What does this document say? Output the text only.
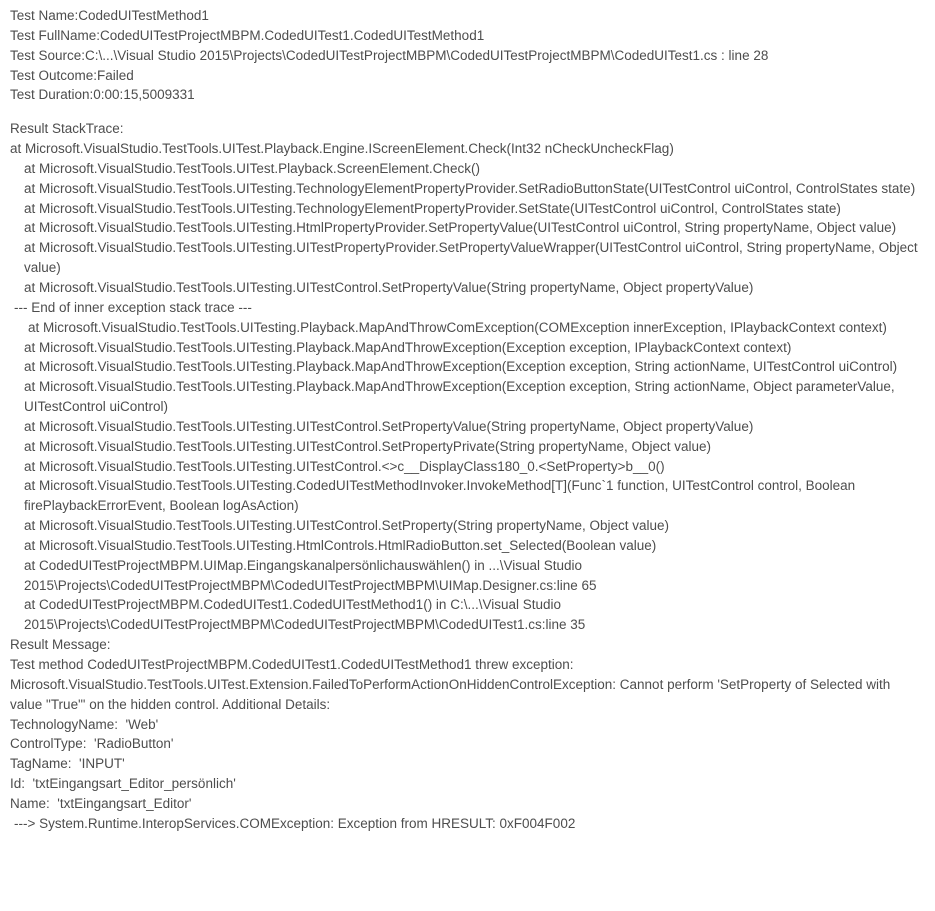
Test Name:CodedUITestMethod1
Test FullName:CodedUITestProjectMBPM.CodedUITest1.CodedUITestMethod1
Test Source:C:\...\Visual Studio 2015\Projects\CodedUITestProjectMBPM\CodedUITestProjectMBPM\CodedUITest1.cs : line 28
Test Outcome:Failed
Test Duration:0:00:15,5009331
Result StackTrace:
at Microsoft.VisualStudio.TestTools.UITest.Playback.Engine.IScreenElement.Check(Int32 nCheckUncheckFlag)
at Microsoft.VisualStudio.TestTools.UITest.Playback.ScreenElement.Check()
at Microsoft.VisualStudio.TestTools.UITesting.TechnologyElementPropertyProvider.SetRadioButtonState(UITestControl uiControl, ControlStates state)
at Microsoft.VisualStudio.TestTools.UITesting.TechnologyElementPropertyProvider.SetState(UITestControl uiControl, ControlStates state)
at Microsoft.VisualStudio.TestTools.UITesting.HtmlPropertyProvider.SetPropertyValue(UITestControl uiControl, String propertyName, Object value)
at Microsoft.VisualStudio.TestTools.UITesting.UITestPropertyProvider.SetPropertyValueWrapper(UITestControl uiControl, String propertyName, Object value)
at Microsoft.VisualStudio.TestTools.UITesting.UITestControl.SetPropertyValue(String propertyName, Object propertyValue)
--- End of inner exception stack trace ---
at Microsoft.VisualStudio.TestTools.UITesting.Playback.MapAndThrowComException(COMException innerException, IPlaybackContext context)
at Microsoft.VisualStudio.TestTools.UITesting.Playback.MapAndThrowException(Exception exception, IPlaybackContext context)
at Microsoft.VisualStudio.TestTools.UITesting.Playback.MapAndThrowException(Exception exception, String actionName, UITestControl uiControl)
at Microsoft.VisualStudio.TestTools.UITesting.Playback.MapAndThrowException(Exception exception, String actionName, Object parameterValue, UITestControl uiControl)
at Microsoft.VisualStudio.TestTools.UITesting.UITestControl.SetPropertyValue(String propertyName, Object propertyValue)
at Microsoft.VisualStudio.TestTools.UITesting.UITestControl.SetPropertyPrivate(String propertyName, Object value)
at Microsoft.VisualStudio.TestTools.UITesting.UITestControl.<>c__DisplayClass180_0.<SetProperty>b__0()
at Microsoft.VisualStudio.TestTools.UITesting.CodedUITestMethodInvoker.InvokeMethod[T](Func`1 function, UITestControl control, Boolean firePlaybackErrorEvent, Boolean logAsAction)
at Microsoft.VisualStudio.TestTools.UITesting.UITestControl.SetProperty(String propertyName, Object value)
at Microsoft.VisualStudio.TestTools.UITesting.HtmlControls.HtmlRadioButton.set_Selected(Boolean value)
at CodedUITestProjectMBPM.UIMap.Eingangskanalpersönlichauswählen() in ...\Visual Studio 2015\Projects\CodedUITestProjectMBPM\CodedUITestProjectMBPM\UIMap.Designer.cs:line 65
at CodedUITestProjectMBPM.CodedUITest1.CodedUITestMethod1() in C:\...\Visual Studio 2015\Projects\CodedUITestProjectMBPM\CodedUITestProjectMBPM\CodedUITest1.cs:line 35
Result Message:
Test method CodedUITestProjectMBPM.CodedUITest1.CodedUITestMethod1 threw exception:
Microsoft.VisualStudio.TestTools.UITest.Extension.FailedToPerformActionOnHiddenControlException: Cannot perform 'SetProperty of Selected with value "True"' on the hidden control. Additional Details:
TechnologyName:  'Web'
ControlType:  'RadioButton'
TagName:  'INPUT'
Id:  'txtEingangsart_Editor_persönlich'
Name:  'txtEingangsart_Editor'
---> System.Runtime.InteropServices.COMException: Exception from HRESULT: 0xF004F002
